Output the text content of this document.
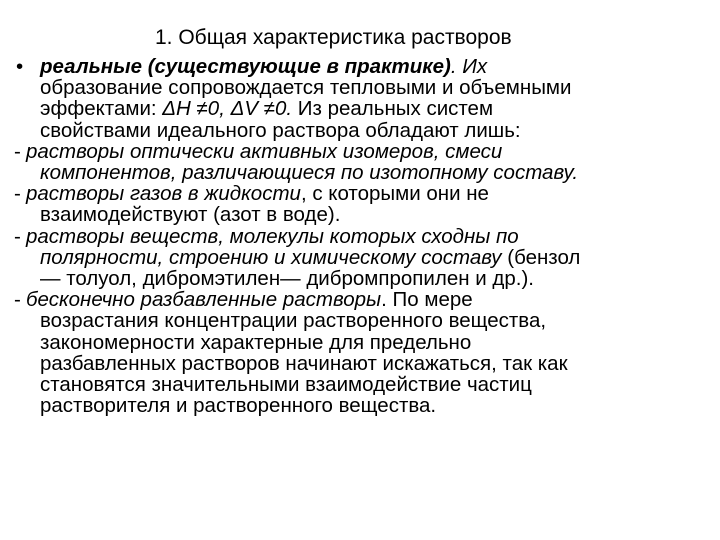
1. Общая характеристика растворов
• реальные (существующие в практике). Их
образование сопровождается тепловыми и объемными
эффектами: ΔH ≠0, ΔV ≠0. Из реальных систем
свойствами идеального раствора обладают лишь:
- растворы оптически активных изомеров, смеси
компонентов, различающиеся по изотопному составу.
- растворы газов в жидкости, с которыми они не
взаимодействуют (азот в воде).
- растворы веществ, молекулы которых сходны по
полярности, строению и химическому составу (бензол
— толуол, дибромэтилен— дибромпропилен и др.).
- бесконечно разбавленные растворы. По мере
возрастания концентрации растворенного вещества,
закономерности характерные для предельно
разбавленных растворов начинают искажаться, так как
становятся значительными взаимодействие частиц
растворителя и растворенного вещества.
